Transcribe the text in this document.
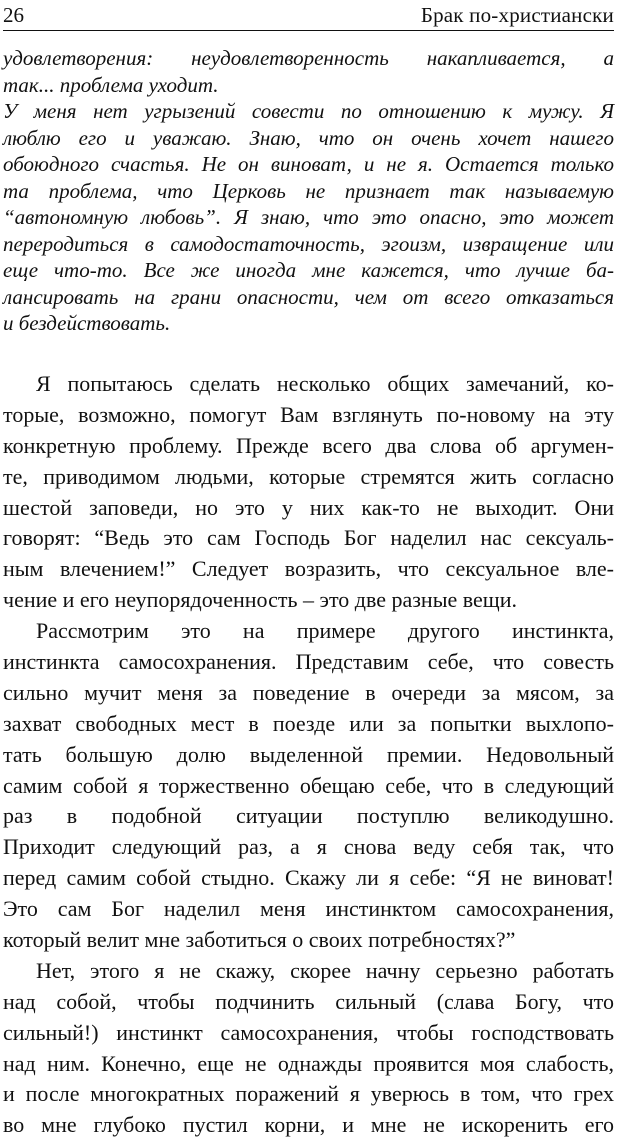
26	Брак по-христиански
удовлетворения: неудовлетворенность накапливается, а
так... проблема уходит.
У меня нет угрызений совести по отношению к мужу. Я
люблю его и уважаю. Знаю, что он очень хочет нашего
обоюдного счастья. Не он виноват, и не я. Остается только
та проблема, что Церковь не признает так называемую
“автономную любовь”. Я знаю, что это опасно, это может
переродиться в самодостаточность, эгоизм, извращение или
еще что-то. Все же иногда мне кажется, что лучше ба-
лансировать на грани опасности, чем от всего отказаться
и бездействовать.
Я попытаюсь сделать несколько общих замечаний, ко-
торые, возможно, помогут Вам взглянуть по-новому на эту
конкретную проблему. Прежде всего два слова об аргумен-
те, приводимом людьми, которые стремятся жить согласно
шестой заповеди, но это у них как-то не выходит. Они
говорят: “Ведь это сам Господь Бог наделил нас сексуаль-
ным влечением!” Следует возразить, что сексуальное вле-
чение и его неупорядоченность – это две разные вещи.
Рассмотрим это на примере другого инстинкта,
инстинкта самосохранения. Представим себе, что совесть
сильно мучит меня за поведение в очереди за мясом, за
захват свободных мест в поезде или за попытки выхлопо-
тать большую долю выделенной премии. Недовольный
самим собой я торжественно обещаю себе, что в следующий
раз в подобной ситуации поступлю великодушно.
Приходит следующий раз, а я снова веду себя так, что
перед самим собой стыдно. Скажу ли я себе: “Я не виноват!
Это сам Бог наделил меня инстинктом самосохранения,
который велит мне заботиться о своих потребностях?”
Нет, этого я не скажу, скорее начну серьезно работать
над собой, чтобы подчинить сильный (слава Богу, что
сильный!) инстинкт самосохранения, чтобы господствовать
над ним. Конечно, еще не однажды проявится моя слабость,
и после многократных поражений я уверюсь в том, что грех
во мне глубоко пустил корни, и мне не искоренить его
